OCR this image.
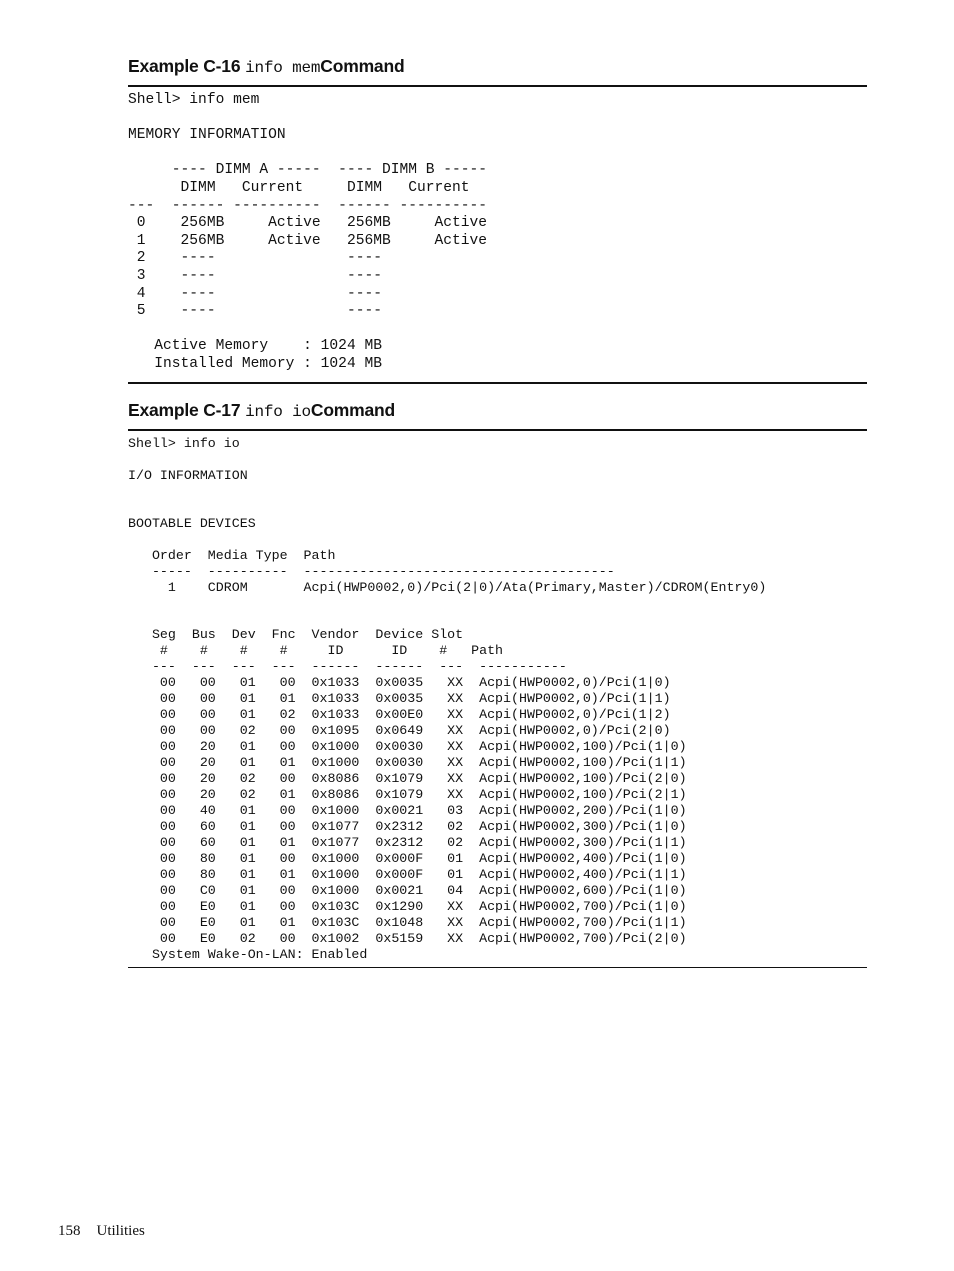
Example C-16 info memCommand
Shell> info mem

MEMORY INFORMATION

---- DIMM A -----  ---- DIMM B -----
DIMM   Current     DIMM   Current
---  ------ ----------  ------ ----------
0    256MB     Active   256MB     Active
1    256MB     Active   256MB     Active
2    ----               ----
3    ----               ----
4    ----               ----
5    ----               ----

Active Memory    : 1024 MB
Installed Memory : 1024 MB
Example C-17 info ioCommand
Shell> info io

I/O INFORMATION

BOOTABLE DEVICES

Order  Media Type  Path
-----  ----------  ---------------------------------------
1    CDROM       Acpi(HWP0002,0)/Pci(2|0)/Ata(Primary,Master)/CDROM(Entry0)

Seg  Bus  Dev  Fnc  Vendor  Device Slot
#    #    #    #     ID      ID    #   Path
---  ---  ---  ---  ------  ------  ---  -----------
00   00   01   00  0x1033  0x0035   XX  Acpi(HWP0002,0)/Pci(1|0)
00   00   01   01  0x1033  0x0035   XX  Acpi(HWP0002,0)/Pci(1|1)
00   00   01   02  0x1033  0x00E0   XX  Acpi(HWP0002,0)/Pci(1|2)
00   00   02   00  0x1095  0x0649   XX  Acpi(HWP0002,0)/Pci(2|0)
00   20   01   00  0x1000  0x0030   XX  Acpi(HWP0002,100)/Pci(1|0)
00   20   01   01  0x1000  0x0030   XX  Acpi(HWP0002,100)/Pci(1|1)
00   20   02   00  0x8086  0x1079   XX  Acpi(HWP0002,100)/Pci(2|0)
00   20   02   01  0x8086  0x1079   XX  Acpi(HWP0002,100)/Pci(2|1)
00   40   01   00  0x1000  0x0021   03  Acpi(HWP0002,200)/Pci(1|0)
00   60   01   00  0x1077  0x2312   02  Acpi(HWP0002,300)/Pci(1|0)
00   60   01   01  0x1077  0x2312   02  Acpi(HWP0002,300)/Pci(1|1)
00   80   01   00  0x1000  0x000F   01  Acpi(HWP0002,400)/Pci(1|0)
00   80   01   01  0x1000  0x000F   01  Acpi(HWP0002,400)/Pci(1|1)
00   C0   01   00  0x1000  0x0021   04  Acpi(HWP0002,600)/Pci(1|0)
00   E0   01   00  0x103C  0x1290   XX  Acpi(HWP0002,700)/Pci(1|0)
00   E0   01   01  0x103C  0x1048   XX  Acpi(HWP0002,700)/Pci(1|1)
00   E0   02   00  0x1002  0x5159   XX  Acpi(HWP0002,700)/Pci(2|0)
System Wake-On-LAN: Enabled
158 Utilities
